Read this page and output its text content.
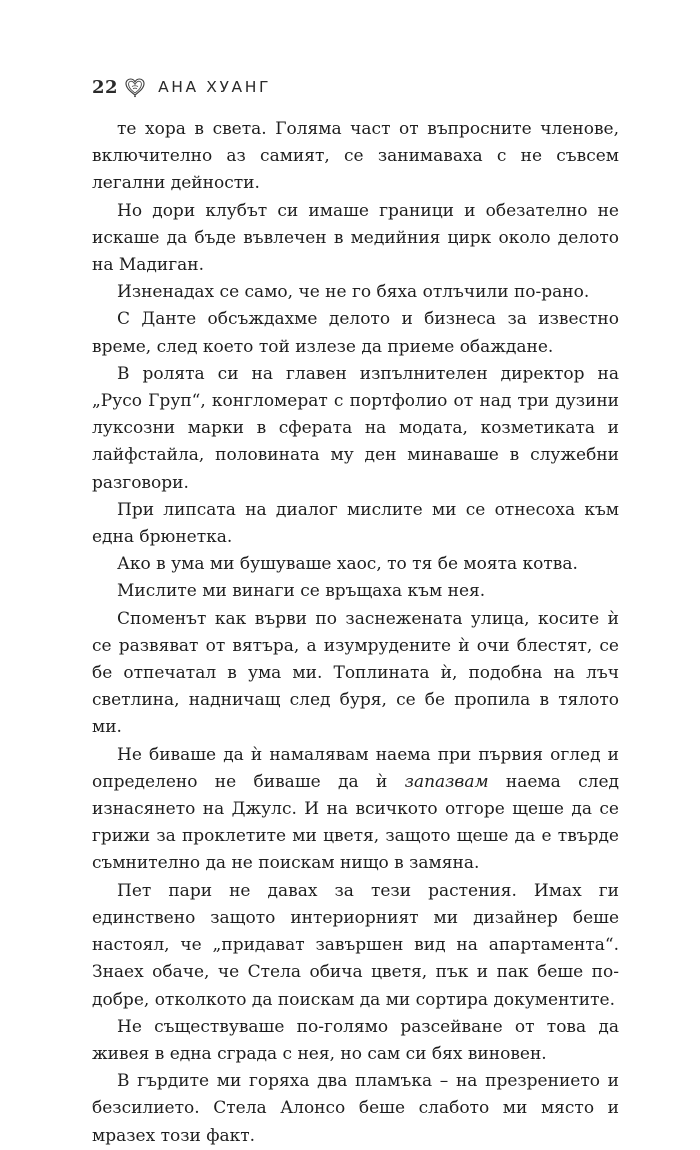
22	АНА ХУАНГ

те хора в света. Голяма част от въпросните членове, включително аз самият, се занимаваха с не съвсем легални дейности.

Но дори клубът си имаше граници и обезателно не искаше да бъде въвлечен в медийния цирк около делото на Мадиган.

Изненадах се само, че не го бяха отлъчили по-рано.

С Данте обсъждахме делото и бизнеса за известно време, след което той излезе да приеме обаждане.

В ролята си на главен изпълнителен директор на „Русо Груп“, конгломерат с портфолио от над три дузини луксозни марки в сферата на модата, козметиката и лайфстайла, половината му ден минаваше в служебни разговори.

При липсата на диалог мислите ми се отнесоха към една брюнетка.

Ако в ума ми бушуваше хаос, то тя бе моята котва.

Мислите ми винаги се връщаха към нея.

Споменът как върви по заснежената улица, косите ѝ се развяват от вятъра, а изумрудените ѝ очи блестят, се бе отпечатал в ума ми. Топлината ѝ, подобна на лъч светлина, надничащ след буря, се бе пропила в тялото ми.

Не биваше да ѝ намалявам наема при първия оглед и определено не биваше да ѝ запазвам наема след изнасянето на Джулс. И на всичкото отгоре щеше да се грижи за проклетите ми цветя, защото щеше да е твърде съмнително да не поискам нищо в замяна.

Пет пари не давах за тези растения. Имах ги единствено защото интериорният ми дизайнер беше настоял, че „придават завършен вид на апартамента“. Знаех обаче, че Стела обича цветя, пък и пак беше по-добре, отколкото да поискам да ми сортира документите.

Не съществуваше по-голямо разсейване от това да живея в една сграда с нея, но сам си бях виновен.

В гърдите ми горяха два пламъка – на презрението и безсилието. Стела Алонсо беше слабото ми място и мразех този факт.
